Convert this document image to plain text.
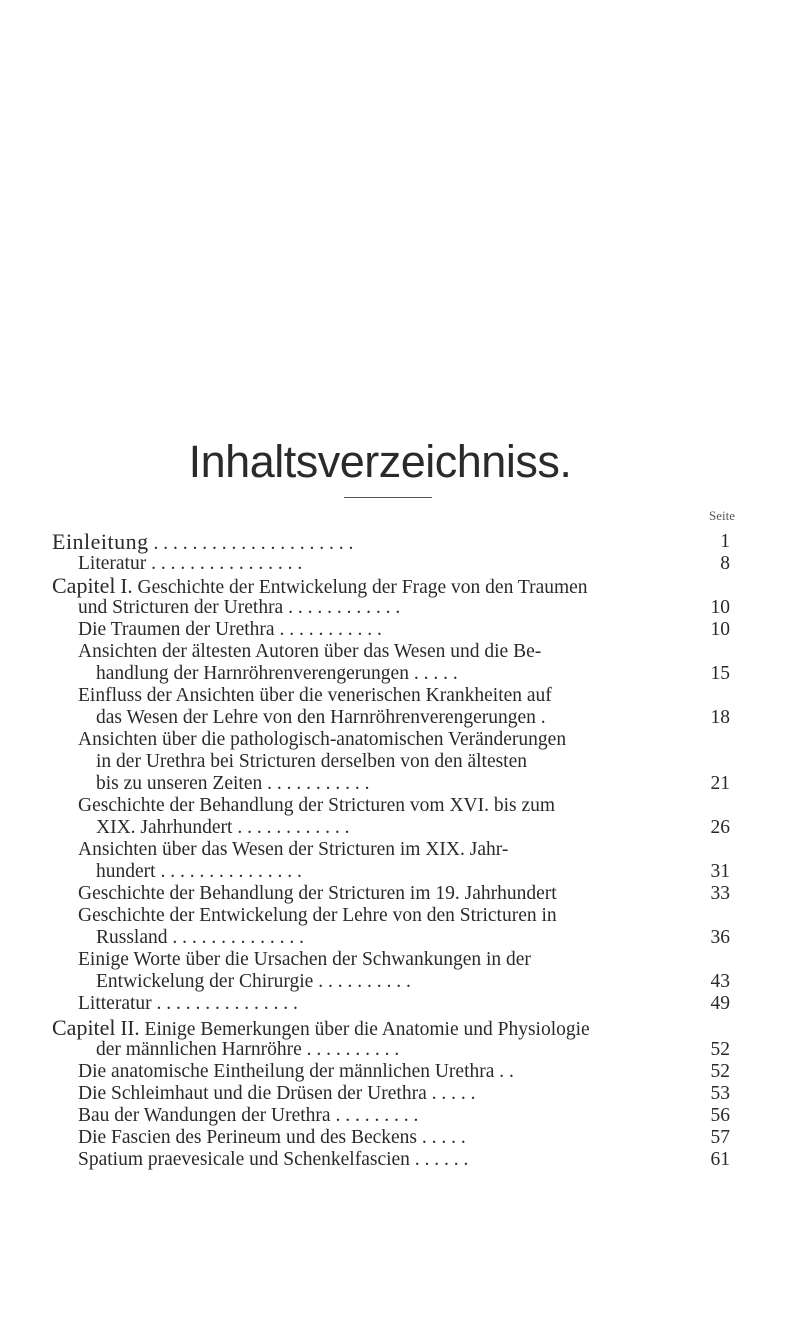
Inhaltsverzeichniss.
Seite
Einleitung . . . . . . . . . . . . . . . . . . . . .	1
Literatur . . . . . . . . . . . . . . . .	8
Capitel I. Geschichte der Entwickelung der Frage von den Traumen
und Stricturen der Urethra . . . . . . . . . . . .	10
Die Traumen der Urethra . . . . . . . . . . .	10
Ansichten der ältesten Autoren über das Wesen und die Be-
handlung der Harnröhrenverengerungen . . . . .	15
Einfluss der Ansichten über die venerischen Krankheiten auf
das Wesen der Lehre von den Harnröhrenverengerungen .	18
Ansichten über die pathologisch-anatomischen Veränderungen
in der Urethra bei Stricturen derselben von den ältesten
bis zu unseren Zeiten . . . . . . . . . . .	21
Geschichte der Behandlung der Stricturen vom XVI. bis zum
XIX. Jahrhundert . . . . . . . . . . . .	26
Ansichten über das Wesen der Stricturen im XIX. Jahr-
hundert . . . . . . . . . . . . . . .	31
Geschichte der Behandlung der Stricturen im 19. Jahrhundert	33
Geschichte der Entwickelung der Lehre von den Stricturen in
Russland . . . . . . . . . . . . . .	36
Einige Worte über die Ursachen der Schwankungen in der
Entwickelung der Chirurgie . . . . . . . . . .	43
Litteratur . . . . . . . . . . . . . . .	49
Capitel II. Einige Bemerkungen über die Anatomie und Physiologie
der männlichen Harnröhre . . . . . . . . . .	52
Die anatomische Eintheilung der männlichen Urethra . .	52
Die Schleimhaut und die Drüsen der Urethra . . . . .	53
Bau der Wandungen der Urethra . . . . . . . . .	56
Die Fascien des Perineum und des Beckens . . . . .	57
Spatium praevesicale und Schenkelfascien . . . . . .	61
